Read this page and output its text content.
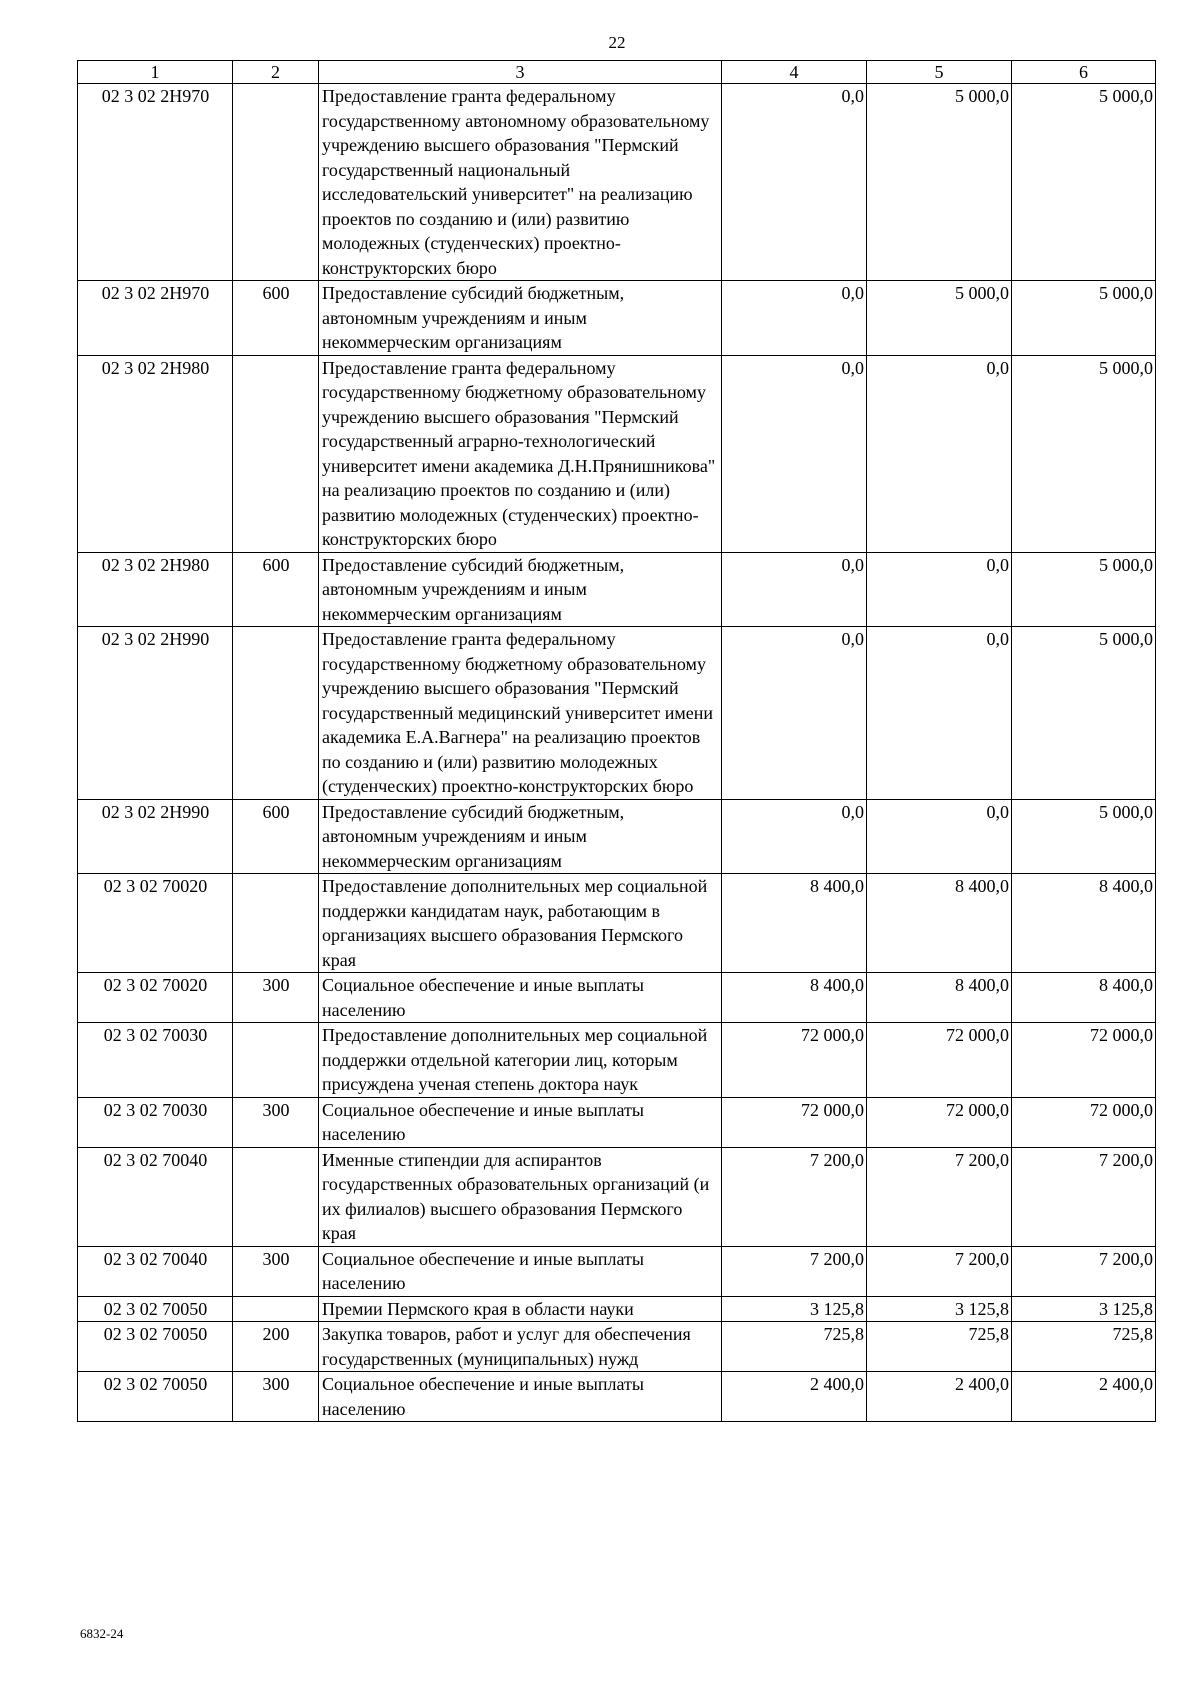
22
1	2	3	4	5	6
02 3 02 2Н970		Предоставление гранта федеральному государственному автономному образовательному учреждению высшего образования "Пермский государственный национальный исследовательский университет" на реализацию проектов по созданию и (или) развитию молодежных (студенческих) проектно-конструкторских бюро	0,0	5 000,0	5 000,0
02 3 02 2Н970	600	Предоставление субсидий бюджетным, автономным учреждениям и иным некоммерческим организациям	0,0	5 000,0	5 000,0
02 3 02 2Н980		Предоставление гранта федеральному государственному бюджетному образовательному учреждению высшего образования "Пермский государственный аграрно-технологический университет имени академика Д.Н.Прянишникова" на реализацию проектов по созданию и (или) развитию молодежных (студенческих) проектно-конструкторских бюро	0,0	0,0	5 000,0
02 3 02 2Н980	600	Предоставление субсидий бюджетным, автономным учреждениям и иным некоммерческим организациям	0,0	0,0	5 000,0
02 3 02 2Н990		Предоставление гранта федеральному государственному бюджетному образовательному учреждению высшего образования "Пермский государственный медицинский университет имени академика Е.А.Вагнера" на реализацию проектов по созданию и (или) развитию молодежных (студенческих) проектно-конструкторских бюро	0,0	0,0	5 000,0
02 3 02 2Н990	600	Предоставление субсидий бюджетным, автономным учреждениям и иным некоммерческим организациям	0,0	0,0	5 000,0
02 3 02 70020		Предоставление дополнительных мер социальной поддержки кандидатам наук, работающим в организациях высшего образования Пермского края	8 400,0	8 400,0	8 400,0
02 3 02 70020	300	Социальное обеспечение и иные выплаты населению	8 400,0	8 400,0	8 400,0
02 3 02 70030		Предоставление дополнительных мер социальной поддержки отдельной категории лиц, которым присуждена ученая степень доктора наук	72 000,0	72 000,0	72 000,0
02 3 02 70030	300	Социальное обеспечение и иные выплаты населению	72 000,0	72 000,0	72 000,0
02 3 02 70040		Именные стипендии для аспирантов государственных образовательных организаций (и их филиалов) высшего образования Пермского края	7 200,0	7 200,0	7 200,0
02 3 02 70040	300	Социальное обеспечение и иные выплаты населению	7 200,0	7 200,0	7 200,0
02 3 02 70050		Премии Пермского края в области науки	3 125,8	3 125,8	3 125,8
02 3 02 70050	200	Закупка товаров, работ и услуг для обеспечения государственных (муниципальных) нужд	725,8	725,8	725,8
02 3 02 70050	300	Социальное обеспечение и иные выплаты населению	2 400,0	2 400,0	2 400,0
6832-24
